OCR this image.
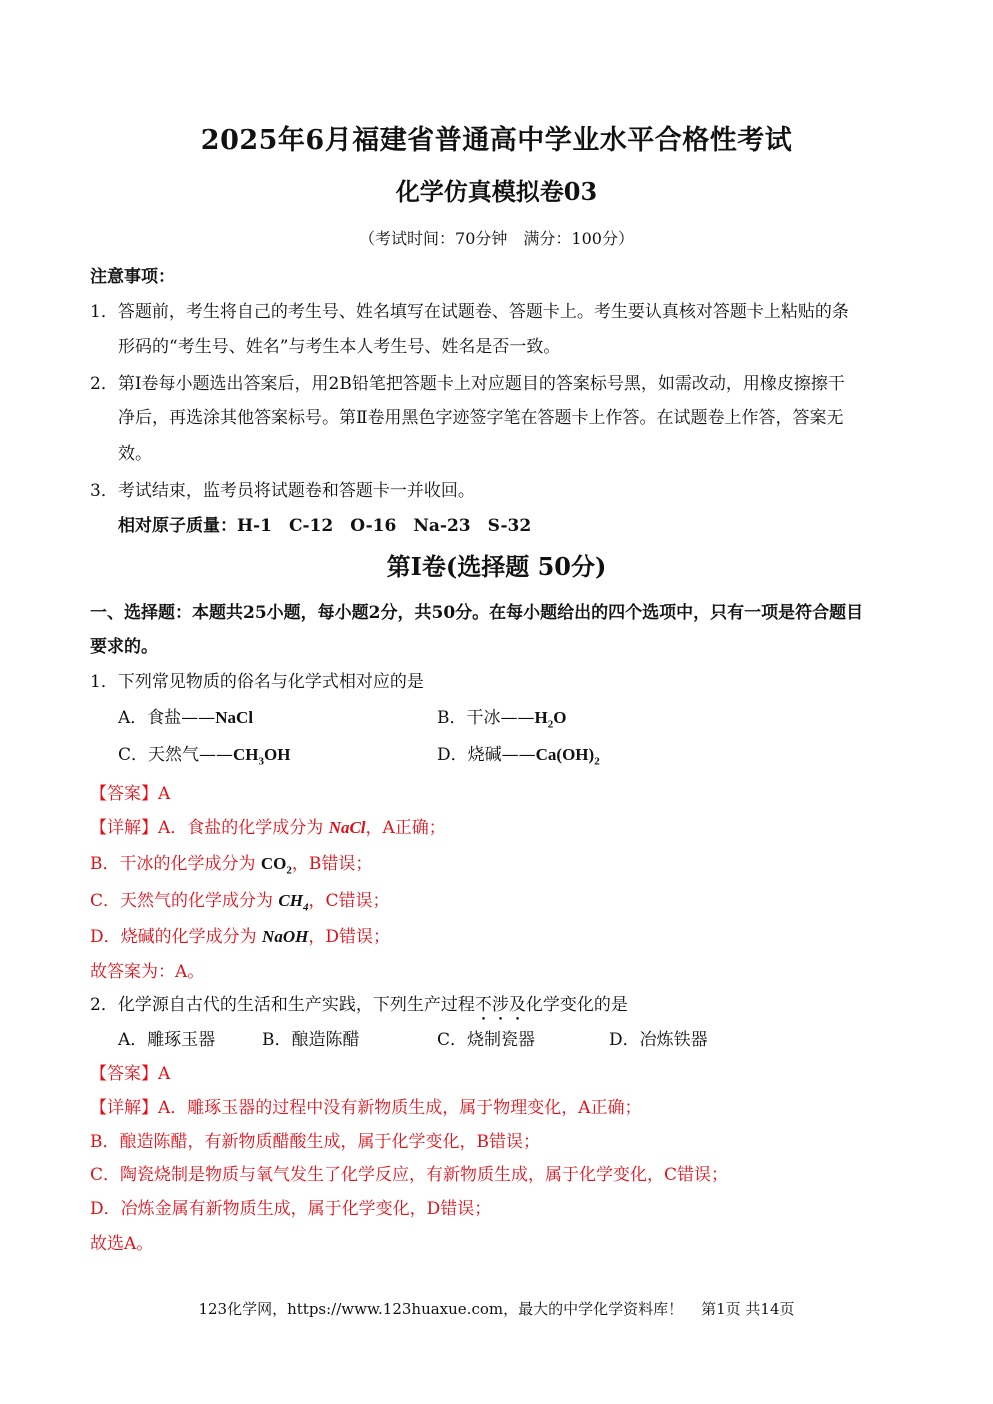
2025年6月福建省普通高中学业水平合格性考试
化学仿真模拟卷03
（考试时间：70分钟　满分：100分）
注意事项：
1．答题前，考生将自己的考生号、姓名填写在试题卷、答题卡上。考生要认真核对答题卡上粘贴的条
形码的“考生号、姓名”与考生本人考生号、姓名是否一致。
2．第Ⅰ卷每小题选出答案后，用2B铅笔把答题卡上对应题目的答案标号黑，如需改动，用橡皮擦擦干
净后，再选涂其他答案标号。第Ⅱ卷用黑色字迹签字笔在答题卡上作答。在试题卷上作答，答案无
效。
3．考试结束，监考员将试题卷和答题卡一并收回。
相对原子质量：H-1　C-12　O-16　Na-23　S-32
第Ⅰ卷(选择题 50分)
一、选择题：本题共25小题，每小题2分，共50分。在每小题给出的四个选项中，只有一项是符合题目
要求的。
1．下列常见物质的俗名与化学式相对应的是
A．食盐——NaCl	B．干冰$——H_2O$
C．天然气$——CH_3OH$	D．烧碱$——Ca(OH)_2$
【答案】A
【详解】A．食盐的化学成分为 NaCl，A正确；
B．干冰的化学成分为 $CO_2$，B错误；
C．天然气的化学成分为 $CH_4$，C错误；
D．烧碱的化学成分为 NaOH，D错误；
故答案为：A。
2．化学源自古代的生活和生产实践，下列生产过程不涉及化学变化的是
A．雕琢玉器	B．酿造陈醋	C．烧制瓷器	D．冶炼铁器
【答案】A
【详解】A．雕琢玉器的过程中没有新物质生成，属于物理变化，A正确；
B．酿造陈醋，有新物质醋酸生成，属于化学变化，B错误；
C．陶瓷烧制是物质与氧气发生了化学反应，有新物质生成，属于化学变化，C错误；
D．冶炼金属有新物质生成，属于化学变化，D错误；
故选A。
123化学网，https://www.123huaxue.com，最大的中学化学资料库！ 第1页 共14页
